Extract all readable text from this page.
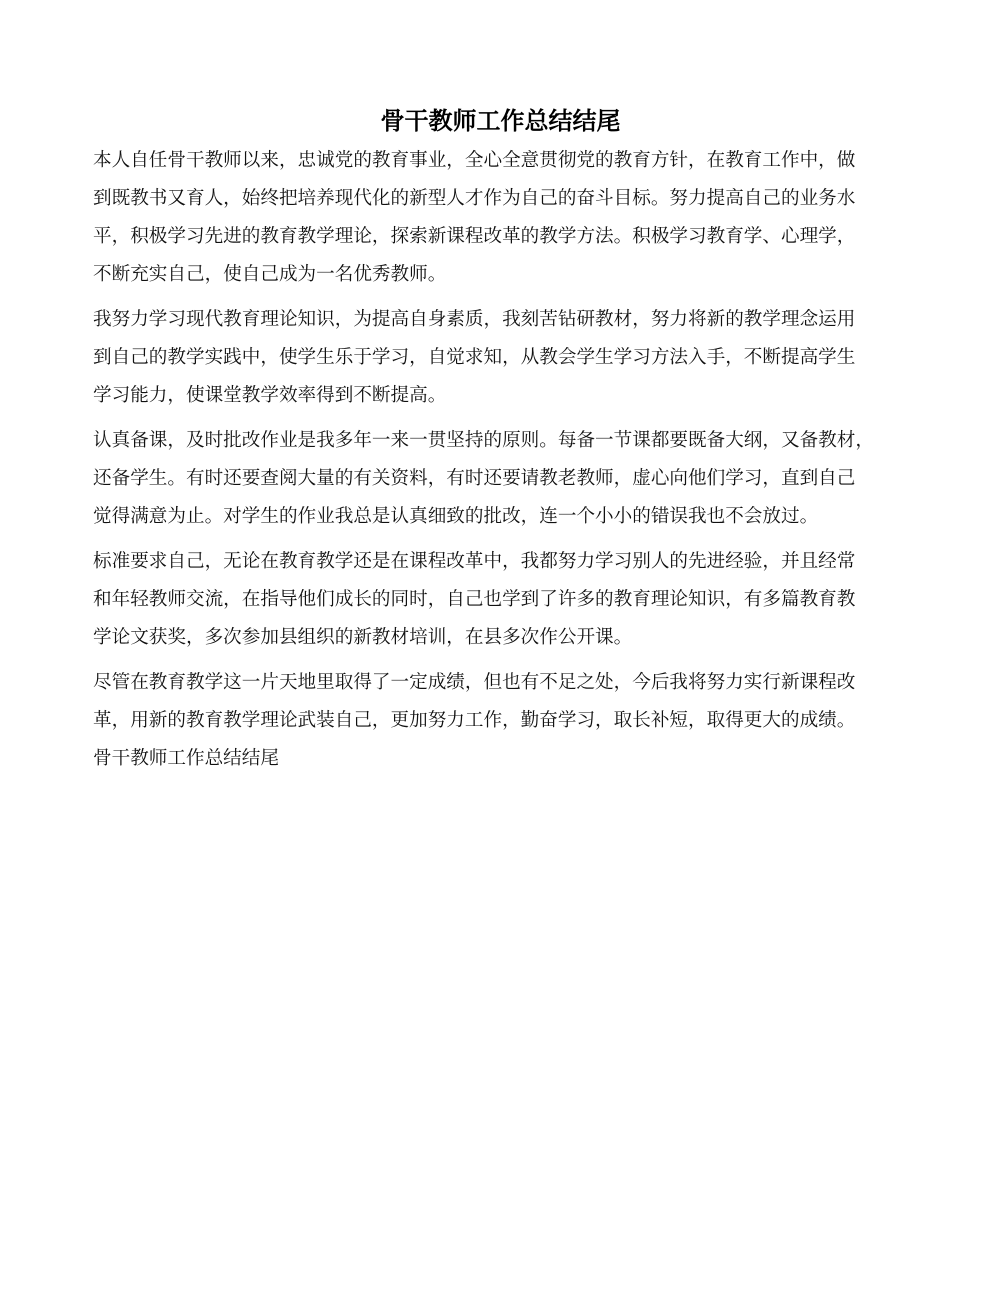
骨干教师工作总结结尾
本人自任骨干教师以来，忠诚党的教育事业，全心全意贯彻党的教育方针，在教育工作中，做
到既教书又育人，始终把培养现代化的新型人才作为自己的奋斗目标。努力提高自己的业务水
平，积极学习先进的教育教学理论，探索新课程改革的教学方法。积极学习教育学、心理学，
不断充实自己，使自己成为一名优秀教师。
我努力学习现代教育理论知识，为提高自身素质，我刻苦钻研教材，努力将新的教学理念运用
到自己的教学实践中，使学生乐于学习，自觉求知，从教会学生学习方法入手，不断提高学生
学习能力，使课堂教学效率得到不断提高。
认真备课，及时批改作业是我多年一来一贯坚持的原则。每备一节课都要既备大纲，又备教材，
还备学生。有时还要查阅大量的有关资料，有时还要请教老教师，虚心向他们学习，直到自己
觉得满意为止。对学生的作业我总是认真细致的批改，连一个小小的错误我也不会放过。
标准要求自己，无论在教育教学还是在课程改革中，我都努力学习别人的先进经验，并且经常
和年轻教师交流，在指导他们成长的同时，自己也学到了许多的教育理论知识，有多篇教育教
学论文获奖，多次参加县组织的新教材培训，在县多次作公开课。
尽管在教育教学这一片天地里取得了一定成绩，但也有不足之处，今后我将努力实行新课程改
革，用新的教育教学理论武装自己，更加努力工作，勤奋学习，取长补短，取得更大的成绩。
骨干教师工作总结结尾
